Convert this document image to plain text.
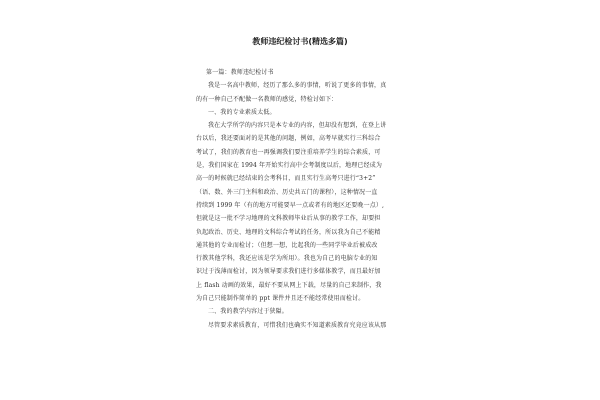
教师违纪检讨书(精选多篇)
第一篇：教师违纪检讨书
我是一名高中教师，经历了那么多的事情，听说了更多的事情，真
的有一种自己不配做一名教师的感觉，特检讨如下：
一、我的专业素质太低。
我在大学所学的内容只是本专业的内容，但却没有想到，在登上讲
台以后，我还要面对的是其他的问题，例如，高考早就实行三科综合
考试了，我们的教育也一再强调我们要注重培养学生的综合素质，可
是，我们国家在 1994 年开始实行高中会考制度以后，地理已经成为
高一的时候就已经结束的会考科目，而且实行生高考只进行“3+2”
（语、数、外三门主科和政治、历史共五门的课程），这种情况一直
持续到 1999 年（有的地方可能要早一点或者有的地区还要晚一点）,
但就是这一批不学习地理的文科教师毕业后从事的教学工作，却要担
负起政治、历史、地理的文科综合考试的任务，所以我为自己不能精
通其他的专业而检讨；（但想一想，比起我的一些同学毕业后被成改
行教其他学科，我还应该是学为所用）。我也为自己的电脑专业的知
识过于浅薄而检讨，因为领导要求我们进行多媒体教学，而且最好加
上 flash 动画的效果，最好不要从网上下载，尽量的自己来制作，我
为自己只能制作简单的 ppt 课件并且还不能经常使用而检讨。
二、我的教学内容过于狭隘。
尽管要求素质教育，可惜我们也确实不知道素质教育究竟应该从那
